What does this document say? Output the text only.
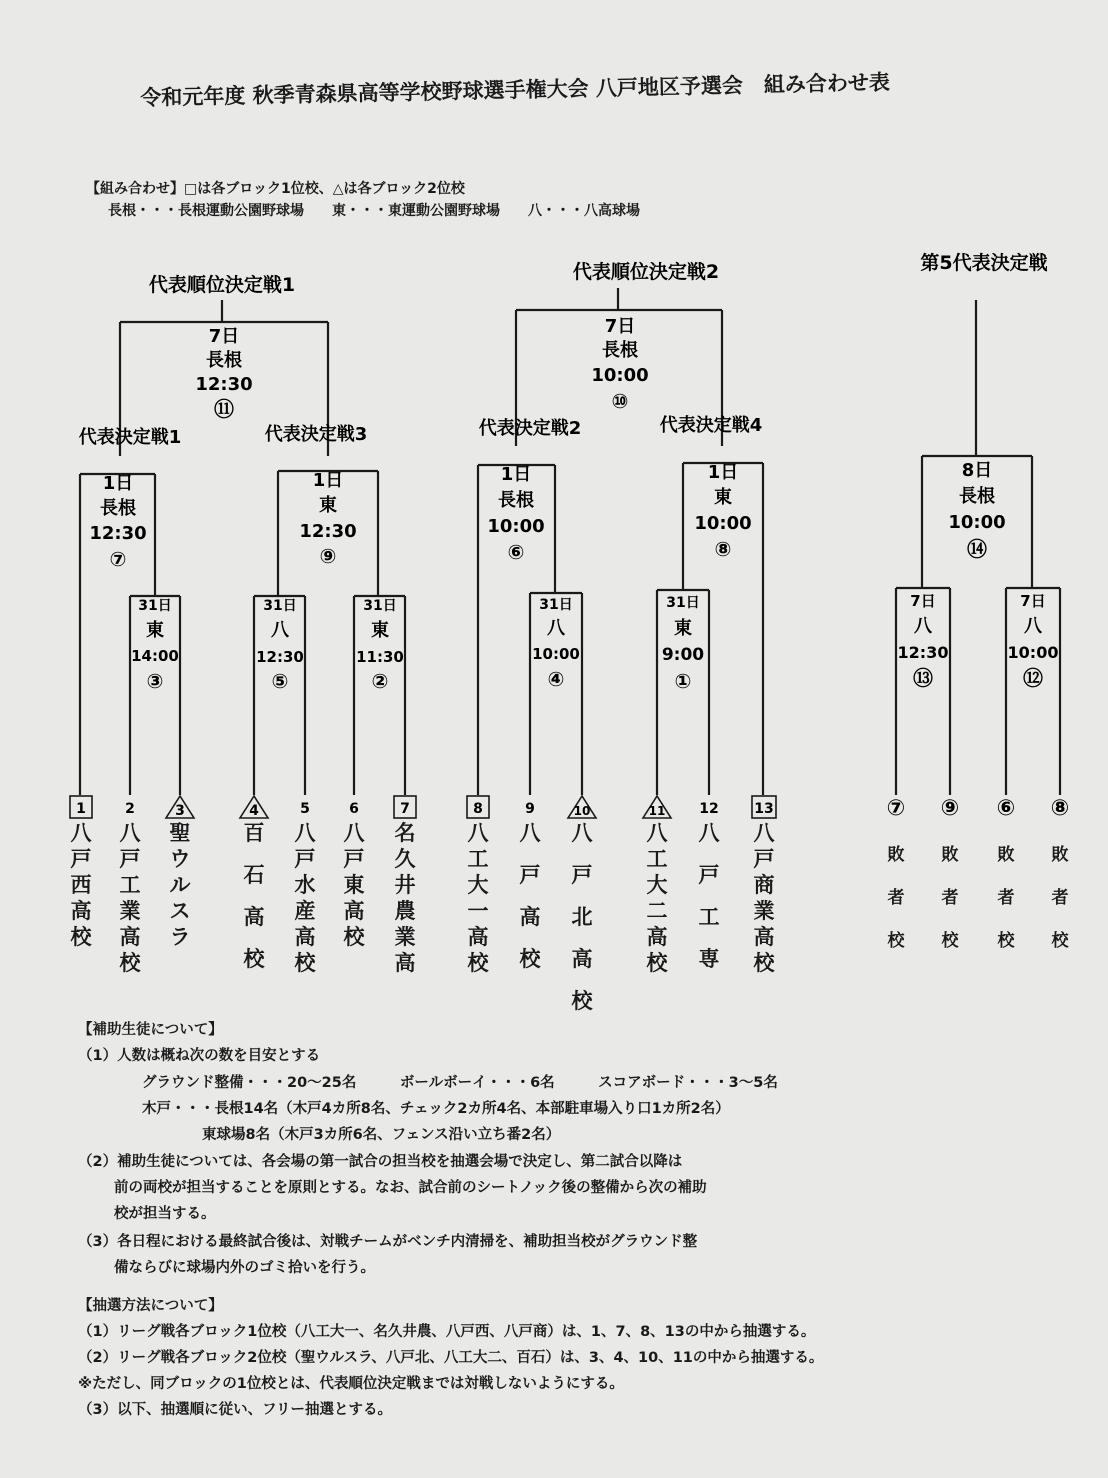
令和元年度 秋季青森県高等学校野球選手権大会 八戸地区予選会　組み合わせ表
【組み合わせ】□は各ブロック1位校、△は各ブロック2位校
長根・・・長根運動公園野球場　　東・・・東運動公園野球場　　八・・・八高球場
代表順位決定戦1
代表順位決定戦2	第5代表決定戦
代表決定戦1	代表決定戦3	代表決定戦2	代表決定戦4
7日
長根
12:30
⑪
7日
長根
10:00
⑩
1日
長根
12:30
⑦
1日
東
12:30
⑨
1日
長根
10:00
⑥
1日
東
10:00
⑧
31日
東
14:00
③
31日
八
12:30
⑤
31日
東
11:30
②
31日
八
10:00
④
31日
東
9:00
①
8日
長根
10:00
⑭
7日
八
12:30
⑬
7日
八
10:00
⑫
1	2	3	4	5	6	7	8	9	10	11 12	13	⑦ ⑨ ⑥ ⑧
八戸西高校
八戸工業高校
聖ウルスラ
百石高校
八戸水産高校
八戸東高校
名久井農業高
八工大一高校
八戸高校
八戸北高校
八工大二高校
八戸工専
八戸商業高校
敗者校
敗者校
敗者校
敗者校
【補助生徒について】
（1）人数は概ね次の数を目安とする
グラウンド整備・・・20～25名　　　ボールボーイ・・・6名　　　スコアボード・・・3～5名
木戸・・・長根14名（木戸4カ所8名、チェック2カ所4名、本部駐車場入り口1カ所2名）
東球場8名（木戸3カ所6名、フェンス沿い立ち番2名）
（2）補助生徒については、各会場の第一試合の担当校を抽選会場で決定し、第二試合以降は
前の両校が担当することを原則とする。なお、試合前のシートノック後の整備から次の補助
校が担当する。
（3）各日程における最終試合後は、対戦チームがベンチ内清掃を、補助担当校がグラウンド整
備ならびに球場内外のゴミ拾いを行う。
【抽選方法について】
（1）リーグ戦各ブロック1位校（八工大一、名久井農、八戸西、八戸商）は、1、7、8、13の中から抽選する。
（2）リーグ戦各ブロック2位校（聖ウルスラ、八戸北、八工大二、百石）は、3、4、10、11の中から抽選する。
※ただし、同ブロックの1位校とは、代表順位決定戦までは対戦しないようにする。
（3）以下、抽選順に従い、フリー抽選とする。
